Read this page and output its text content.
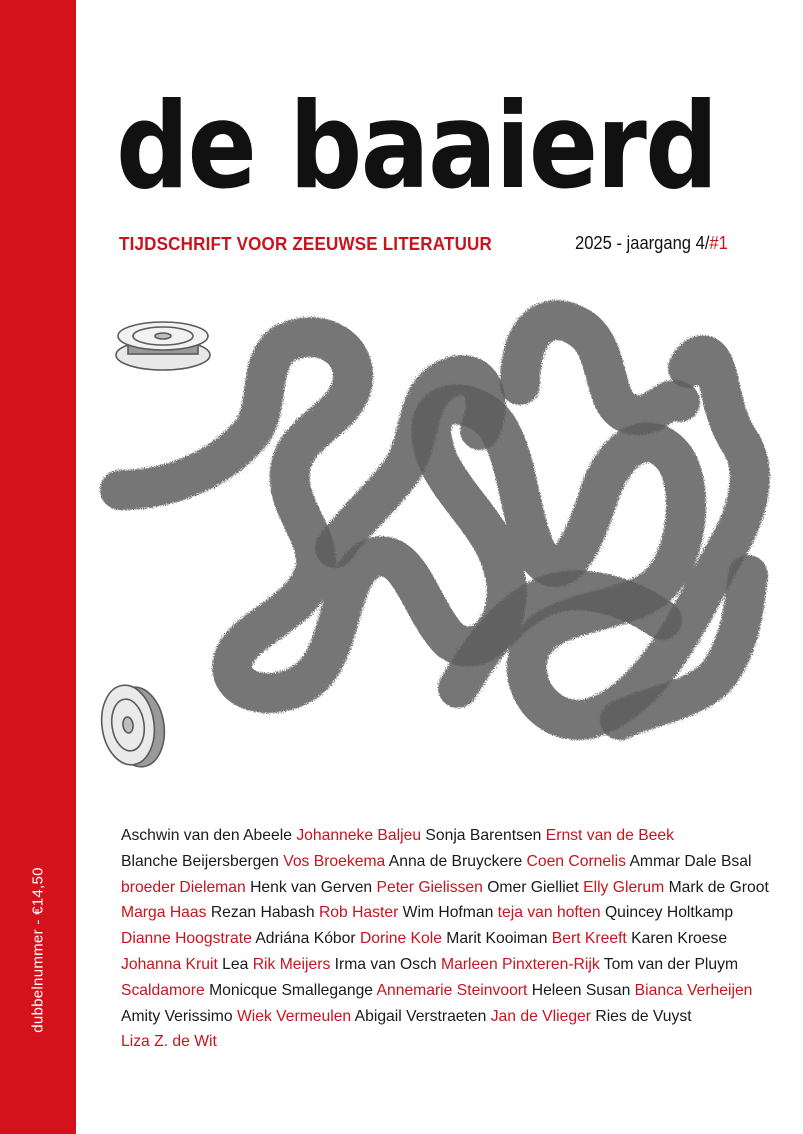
dubbelnummer - €14,50
de baaierd
TIJDSCHRIFT VOOR ZEEUWSE LITERATUUR	2025 - jaargang 4/#1
Aschwin van den Abeele Johanneke Baljeu Sonja Barentsen Ernst van de Beek Blanche Beijersbergen Vos Broekema Anna de Bruyckere Coen Cornelis Ammar Dale Bsal broeder Dieleman Henk van Gerven Peter Gielissen Omer Gielliet Elly Glerum Mark de Groot Marga Haas Rezan Habash Rob Haster Wim Hofman teja van hoften Quincey Holtkamp Dianne Hoogstrate Adriána Kóbor Dorine Kole Marit Kooiman Bert Kreeft Karen Kroese Johanna Kruit Lea Rik Meijers Irma van Osch Marleen Pinxteren-Rijk Tom van der Pluym Scaldamore Monicque Smallegange Annemarie Steinvoort Heleen Susan Bianca Verheijen Amity Verissimo Wiek Vermeulen Abigail Verstraeten Jan de Vlieger Ries de Vuyst Liza Z. de Wit
